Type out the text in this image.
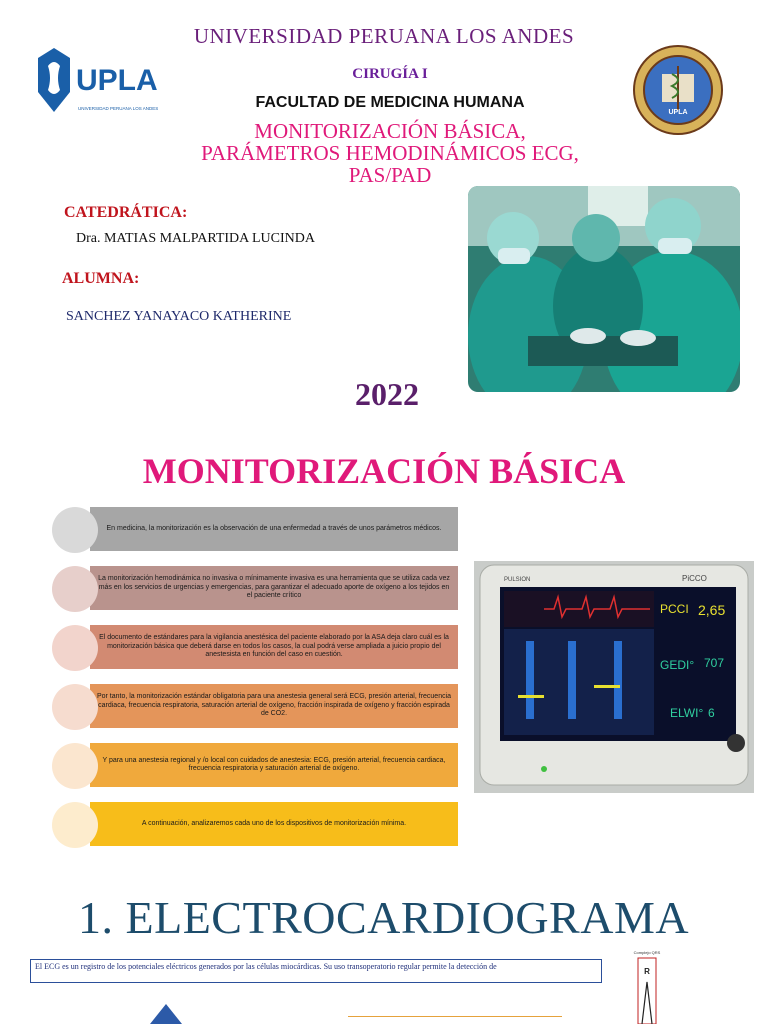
UNIVERSIDAD PERUANA LOS ANDES
UPLA
UNIVERSIDAD PERUANA LOS ANDES
UPLA
CIRUGÍA I
FACULTAD DE MEDICINA HUMANA
MONITORIZACIÓN BÁSICA,
PARÁMETROS HEMODINÁMICOS ECG,
PAS/PAD
CATEDRÁTICA:
Dra. MATIAS MALPARTIDA LUCINDA
ALUMNA:
SANCHEZ YANAYACO KATHERINE
2022
MONITORIZACIÓN BÁSICA
En medicina, la monitorización es la observación de una enfermedad a través de unos parámetros médicos.
La monitorización hemodinámica no invasiva o mínimamente invasiva es una herramienta que se utiliza cada vez más en los servicios de urgencias y emergencias, para garantizar el adecuado aporte de oxígeno a los tejidos en el paciente crítico
El documento de estándares para la vigilancia anestésica del paciente elaborado por la ASA deja claro cuál es la monitorización básica que deberá darse en todos los casos, la cual podrá verse ampliada a juicio propio del anestesista en función del caso en cuestión.
Por tanto, la monitorización estándar obligatoria para una anestesia general será ECG, presión arterial, frecuencia cardiaca, frecuencia respiratoria, saturación arterial de oxígeno, fracción inspirada de oxígeno y fracción espirada de CO2.
Y para una anestesia regional y /o local con cuidados de anestesia: ECG, presión arterial, frecuencia cardiaca, frecuencia respiratoria y saturación arterial de oxígeno.
A continuación, analizaremos cada uno de los dispositivos de monitorización mínima.
PULSION	PiCCO
PCCI 2,65
GEDI° 707
ELWI° 6
1. ELECTROCARDIOGRAMA
El ECG es un registro de los potenciales eléctricos generados por las células miocárdicas. Su uso transoperatorio regular permite la detección de
Complejo QRS
R
